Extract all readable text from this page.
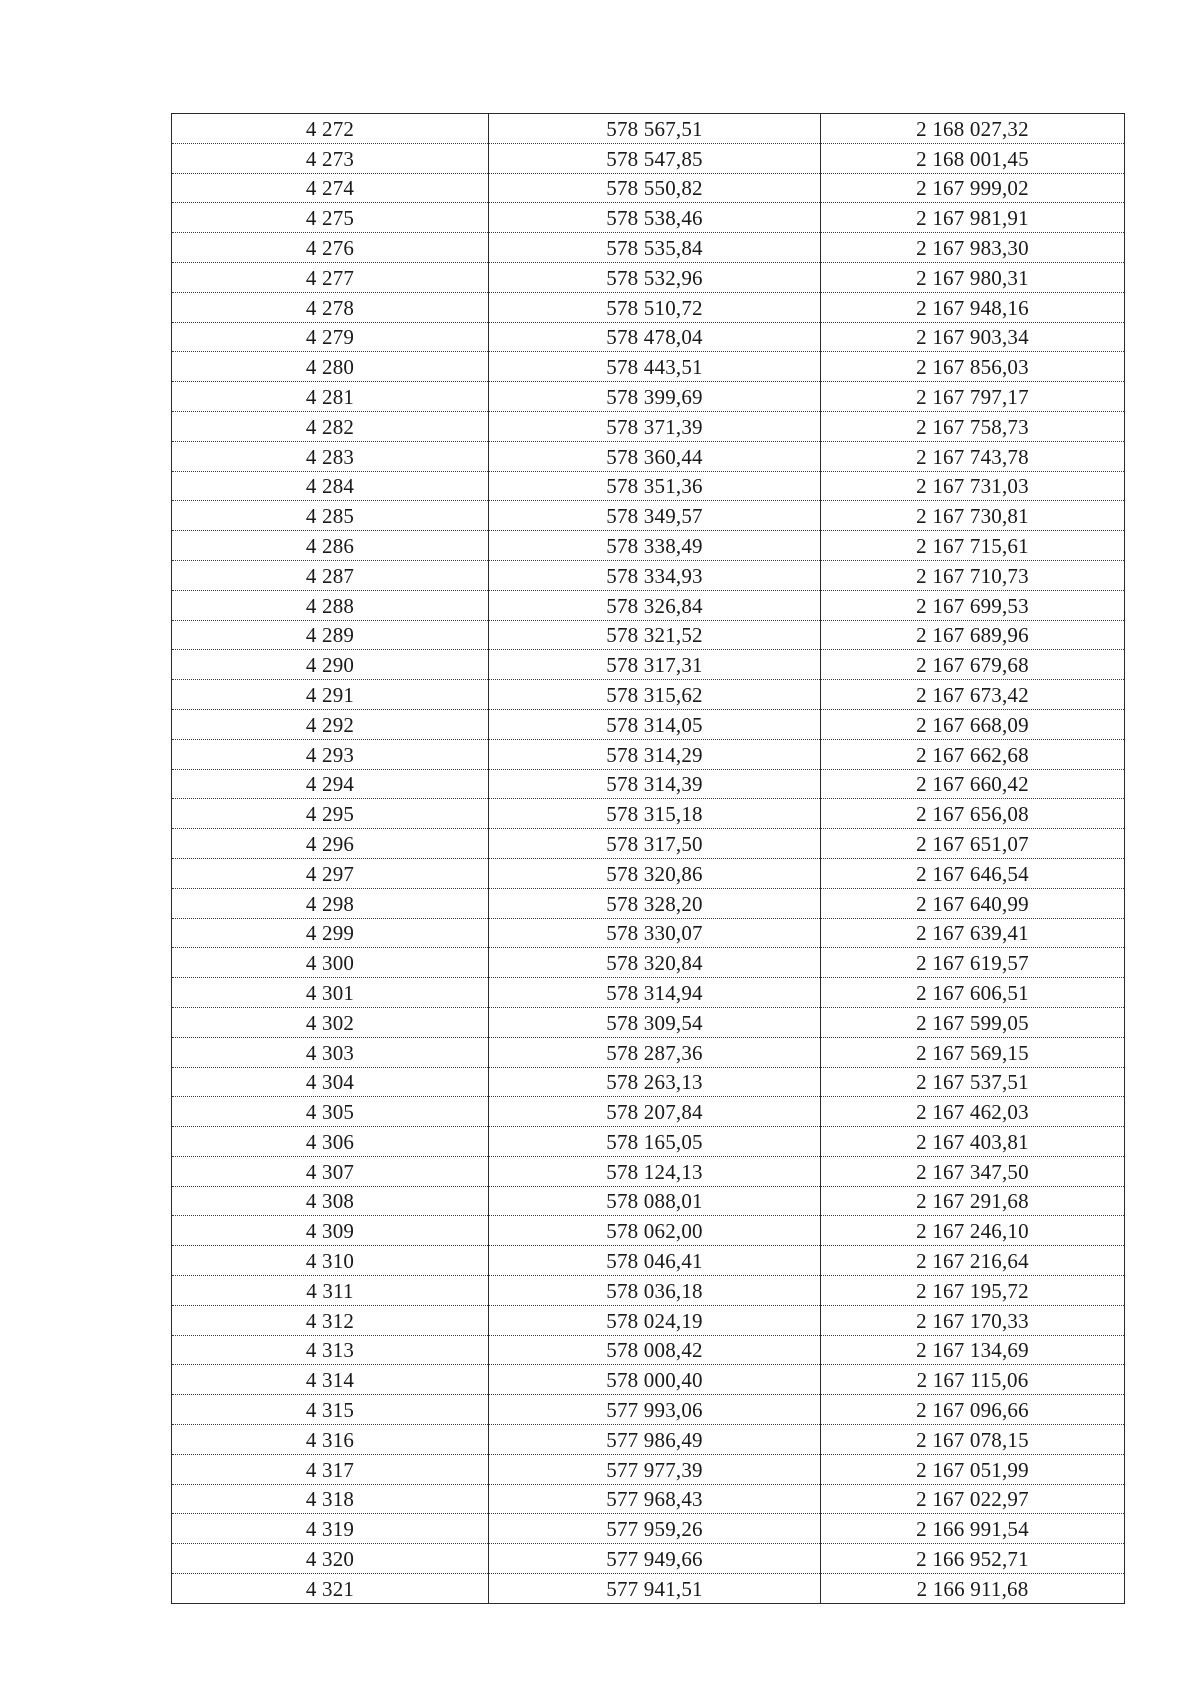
4 272	578 567,51	2 168 027,32
4 273	578 547,85	2 168 001,45
4 274	578 550,82	2 167 999,02
4 275	578 538,46	2 167 981,91
4 276	578 535,84	2 167 983,30
4 277	578 532,96	2 167 980,31
4 278	578 510,72	2 167 948,16
4 279	578 478,04	2 167 903,34
4 280	578 443,51	2 167 856,03
4 281	578 399,69	2 167 797,17
4 282	578 371,39	2 167 758,73
4 283	578 360,44	2 167 743,78
4 284	578 351,36	2 167 731,03
4 285	578 349,57	2 167 730,81
4 286	578 338,49	2 167 715,61
4 287	578 334,93	2 167 710,73
4 288	578 326,84	2 167 699,53
4 289	578 321,52	2 167 689,96
4 290	578 317,31	2 167 679,68
4 291	578 315,62	2 167 673,42
4 292	578 314,05	2 167 668,09
4 293	578 314,29	2 167 662,68
4 294	578 314,39	2 167 660,42
4 295	578 315,18	2 167 656,08
4 296	578 317,50	2 167 651,07
4 297	578 320,86	2 167 646,54
4 298	578 328,20	2 167 640,99
4 299	578 330,07	2 167 639,41
4 300	578 320,84	2 167 619,57
4 301	578 314,94	2 167 606,51
4 302	578 309,54	2 167 599,05
4 303	578 287,36	2 167 569,15
4 304	578 263,13	2 167 537,51
4 305	578 207,84	2 167 462,03
4 306	578 165,05	2 167 403,81
4 307	578 124,13	2 167 347,50
4 308	578 088,01	2 167 291,68
4 309	578 062,00	2 167 246,10
4 310	578 046,41	2 167 216,64
4 311	578 036,18	2 167 195,72
4 312	578 024,19	2 167 170,33
4 313	578 008,42	2 167 134,69
4 314	578 000,40	2 167 115,06
4 315	577 993,06	2 167 096,66
4 316	577 986,49	2 167 078,15
4 317	577 977,39	2 167 051,99
4 318	577 968,43	2 167 022,97
4 319	577 959,26	2 166 991,54
4 320	577 949,66	2 166 952,71
4 321	577 941,51	2 166 911,68
